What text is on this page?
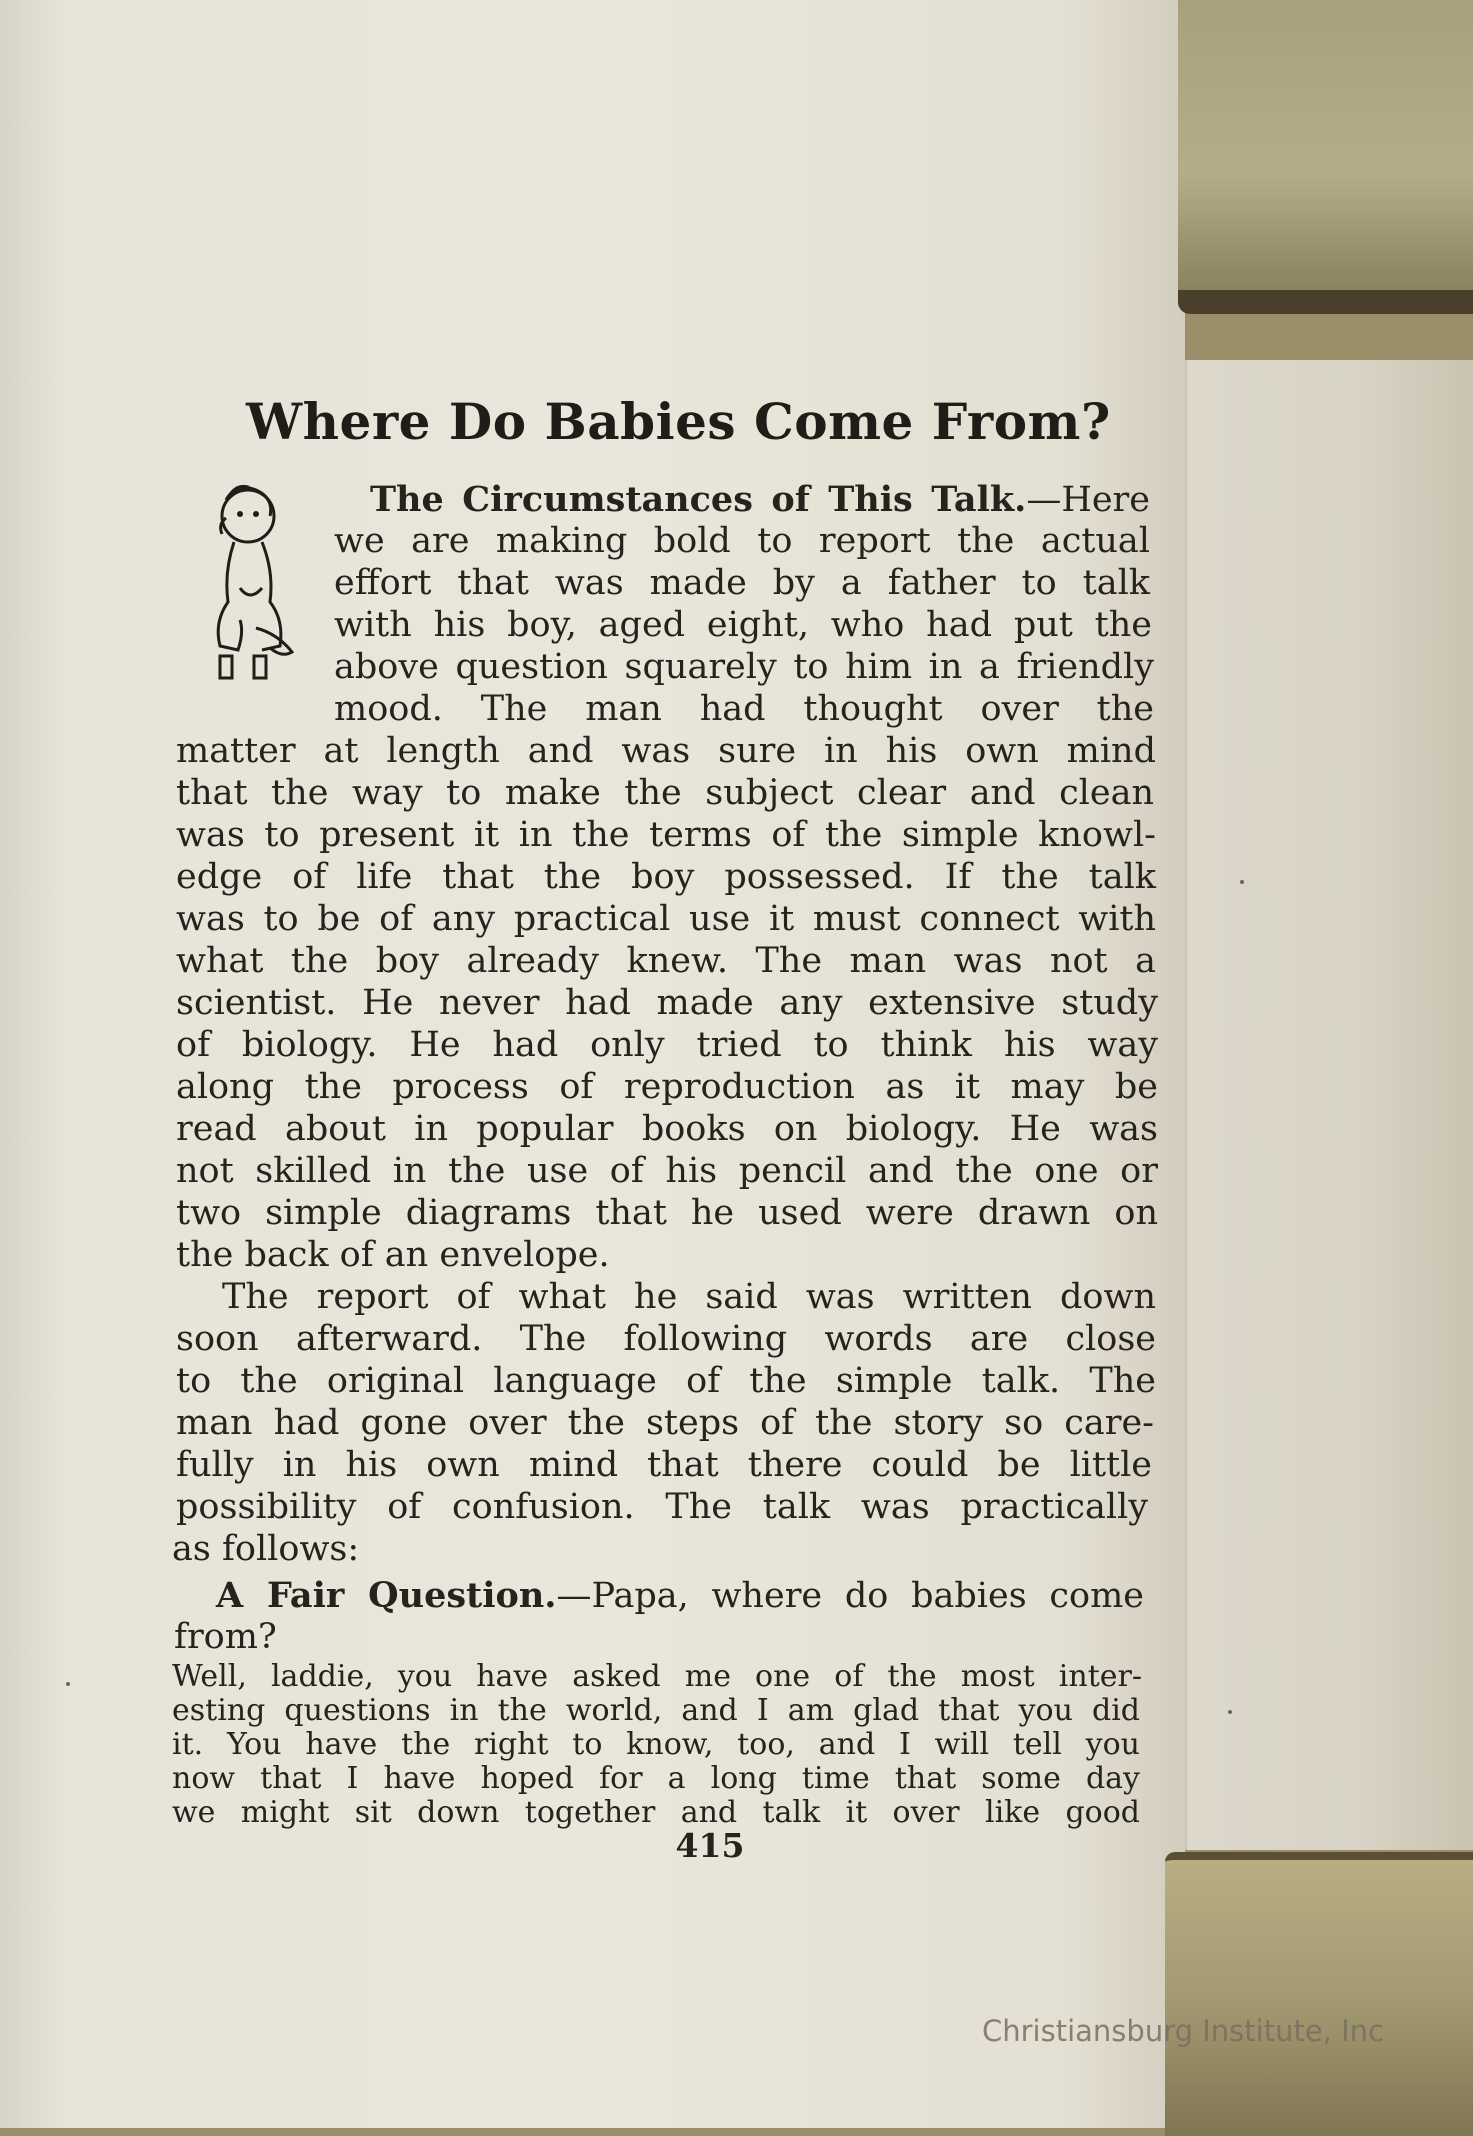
Where Do Babies Come From?
The Circumstances of This Talk.—Here
we are making bold to report the actual
effort that was made by a father to talk
with his boy, aged eight, who had put the
above question squarely to him in a friendly
mood. The man had thought over the
matter at length and was sure in his own mind
that the way to make the subject clear and clean
was to present it in the terms of the simple knowl-
edge of life that the boy possessed. If the talk
was to be of any practical use it must connect with
what the boy already knew. The man was not a
scientist. He never had made any extensive study
of biology. He had only tried to think his way
along the process of reproduction as it may be
read about in popular books on biology. He was
not skilled in the use of his pencil and the one or
two simple diagrams that he used were drawn on
the back of an envelope.
The report of what he said was written down
soon afterward. The following words are close
to the original language of the simple talk. The
man had gone over the steps of the story so care-
fully in his own mind that there could be little
possibility of confusion. The talk was practically
as follows:
A Fair Question.—Papa, where do babies come
from?
Well, laddie, you have asked me one of the most inter-
esting questions in the world, and I am glad that you did
it. You have the right to know, too, and I will tell you
now that I have hoped for a long time that some day
we might sit down together and talk it over like good
415
Christiansburg Institute, Inc
